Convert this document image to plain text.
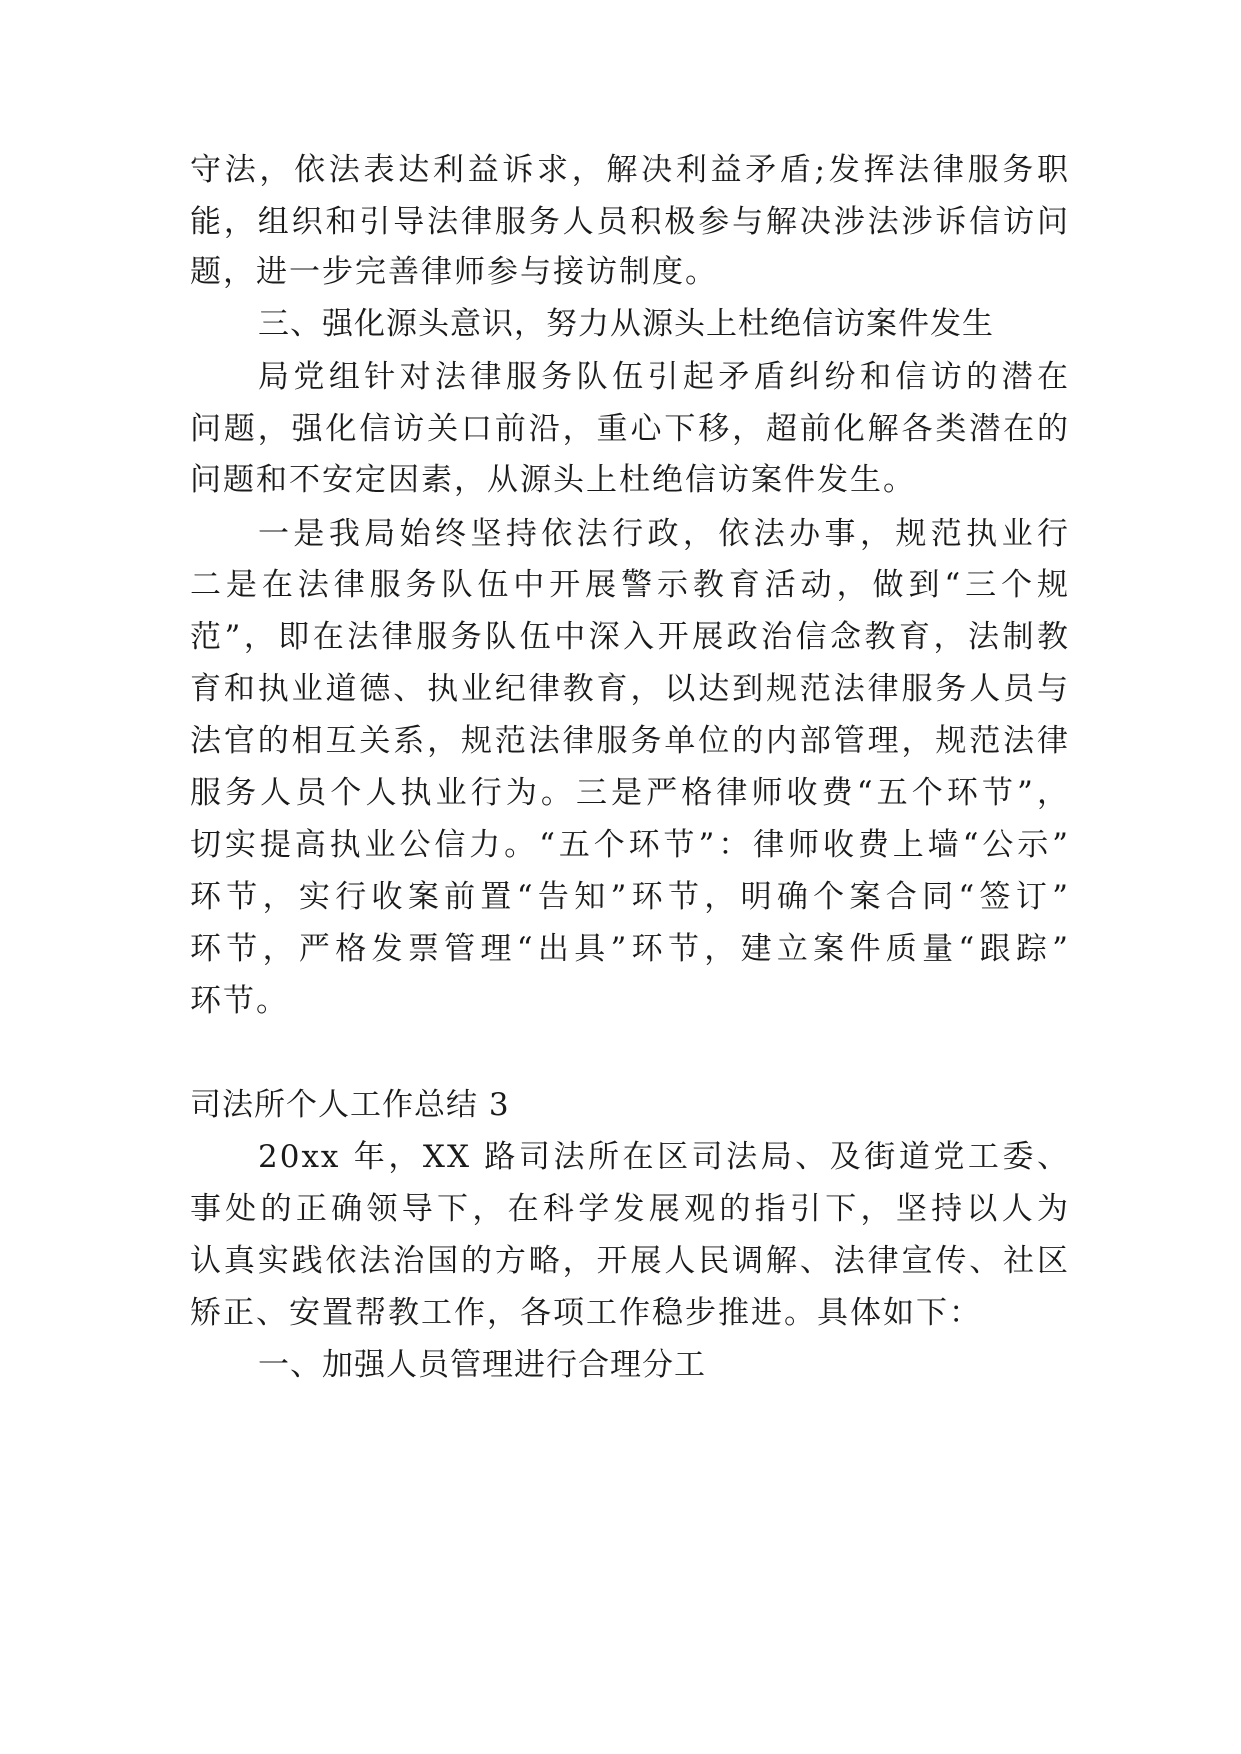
守法，依法表达利益诉求，解决利益矛盾;发挥法律服务职
能，组织和引导法律服务人员积极参与解决涉法涉诉信访问
题，进一步完善律师参与接访制度。
三、强化源头意识，努力从源头上杜绝信访案件发生
局党组针对法律服务队伍引起矛盾纠纷和信访的潜在
问题，强化信访关口前沿，重心下移，超前化解各类潜在的
问题和不安定因素，从源头上杜绝信访案件发生。
一是我局始终坚持依法行政，依法办事，规范执业行
二是在法律服务队伍中开展警示教育活动，做到“三个规
范”，即在法律服务队伍中深入开展政治信念教育，法制教
育和执业道德、执业纪律教育，以达到规范法律服务人员与
法官的相互关系，规范法律服务单位的内部管理，规范法律
服务人员个人执业行为。三是严格律师收费“五个环节”，
切实提高执业公信力。“五个环节”：律师收费上墙“公示”
环节，实行收案前置“告知”环节，明确个案合同“签订”
环节，严格发票管理“出具”环节，建立案件质量“跟踪”
环节。
司法所个人工作总结 3
20xx 年，XX 路司法所在区司法局、及街道党工委、
事处的正确领导下，在科学发展观的指引下，坚持以人为
认真实践依法治国的方略，开展人民调解、法律宣传、社区
矫正、安置帮教工作，各项工作稳步推进。具体如下：
一、加强人员管理进行合理分工
